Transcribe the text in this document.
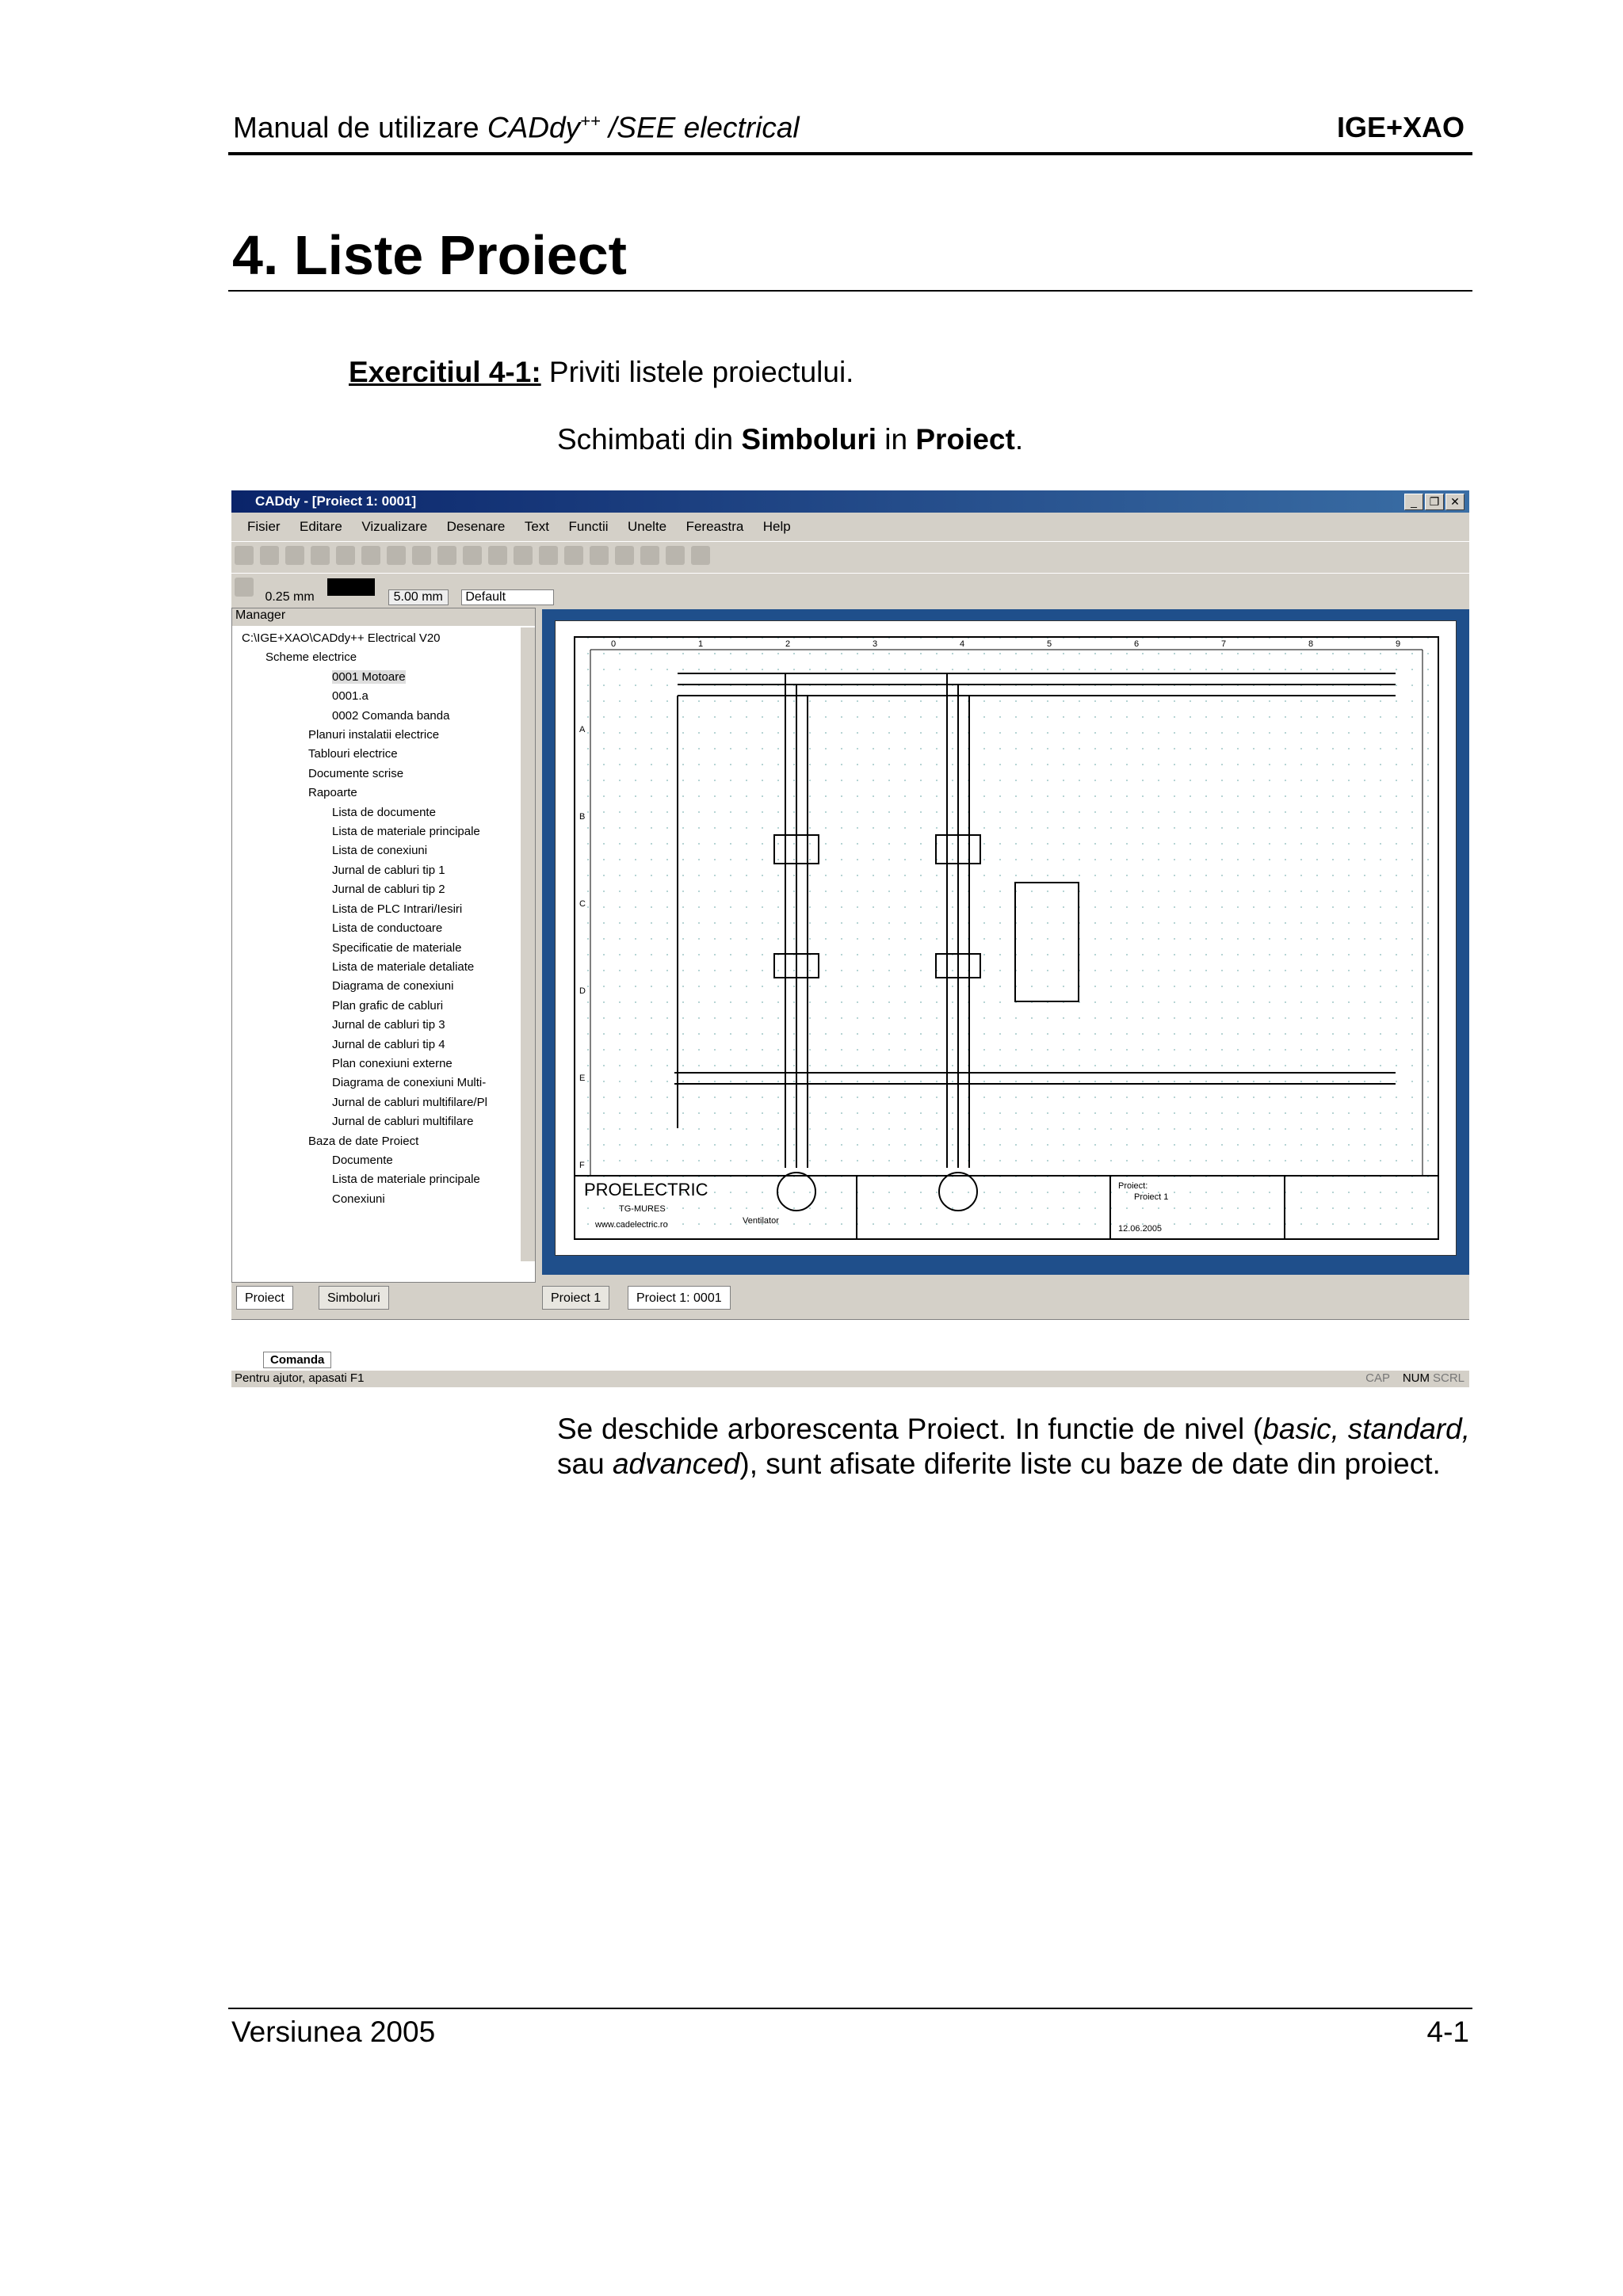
Manual de utilizare CADdy++ /SEE electrical	IGE+XAO
4. Liste Proiect
Exercitiul 4-1: Priviti listele proiectului.
Schimbati din Simboluri in Proiect.
CADdy - [Proiect 1: 0001]	_	❐ ✕
Fisier Editare Vizualizare Desenare Text Functii Unelte Fereastra Help
0.25 mm	5.00 mm Default
Manager
C:\IGE+XAO\CADdy++ Electrical V20
Scheme electrice
0001 Motoare
0001.a
0002 Comanda banda
Planuri instalatii electrice
Tablouri electrice
Documente scrise
Rapoarte
Lista de documente
Lista de materiale principale
Lista de conexiuni
Jurnal de cabluri tip 1
Jurnal de cabluri tip 2
Lista de PLC Intrari/Iesiri
Lista de conductoare
Specificatie de materiale
Lista de materiale detaliate
Diagrama de conexiuni
Plan grafic de cabluri
Jurnal de cabluri tip 3
Jurnal de cabluri tip 4
Plan conexiuni externe
Diagrama de conexiuni Multi-
Jurnal de cabluri multifilare/Pl
Jurnal de cabluri multifilare
Baza de date Proiect
Documente
Lista de materiale principale
Conexiuni
0	1	2	3	4	5	6	7	8	9
A
B
C
D
E
F
Ventilator
PROELECTRIC
TG-MURES
www.cadelectric.ro
Proiect:
Proiect 1
12.06.2005
Proiect	Simboluri	Proiect 1	Proiect 1: 0001
Comanda
Pentru ajutor, apasati F1	CAP NUM SCRL
Se deschide arborescenta Proiect. In functie de nivel (basic, standard, sau advanced), sunt afisate diferite liste cu baze de date din proiect.
Versiunea 2005	4-1
